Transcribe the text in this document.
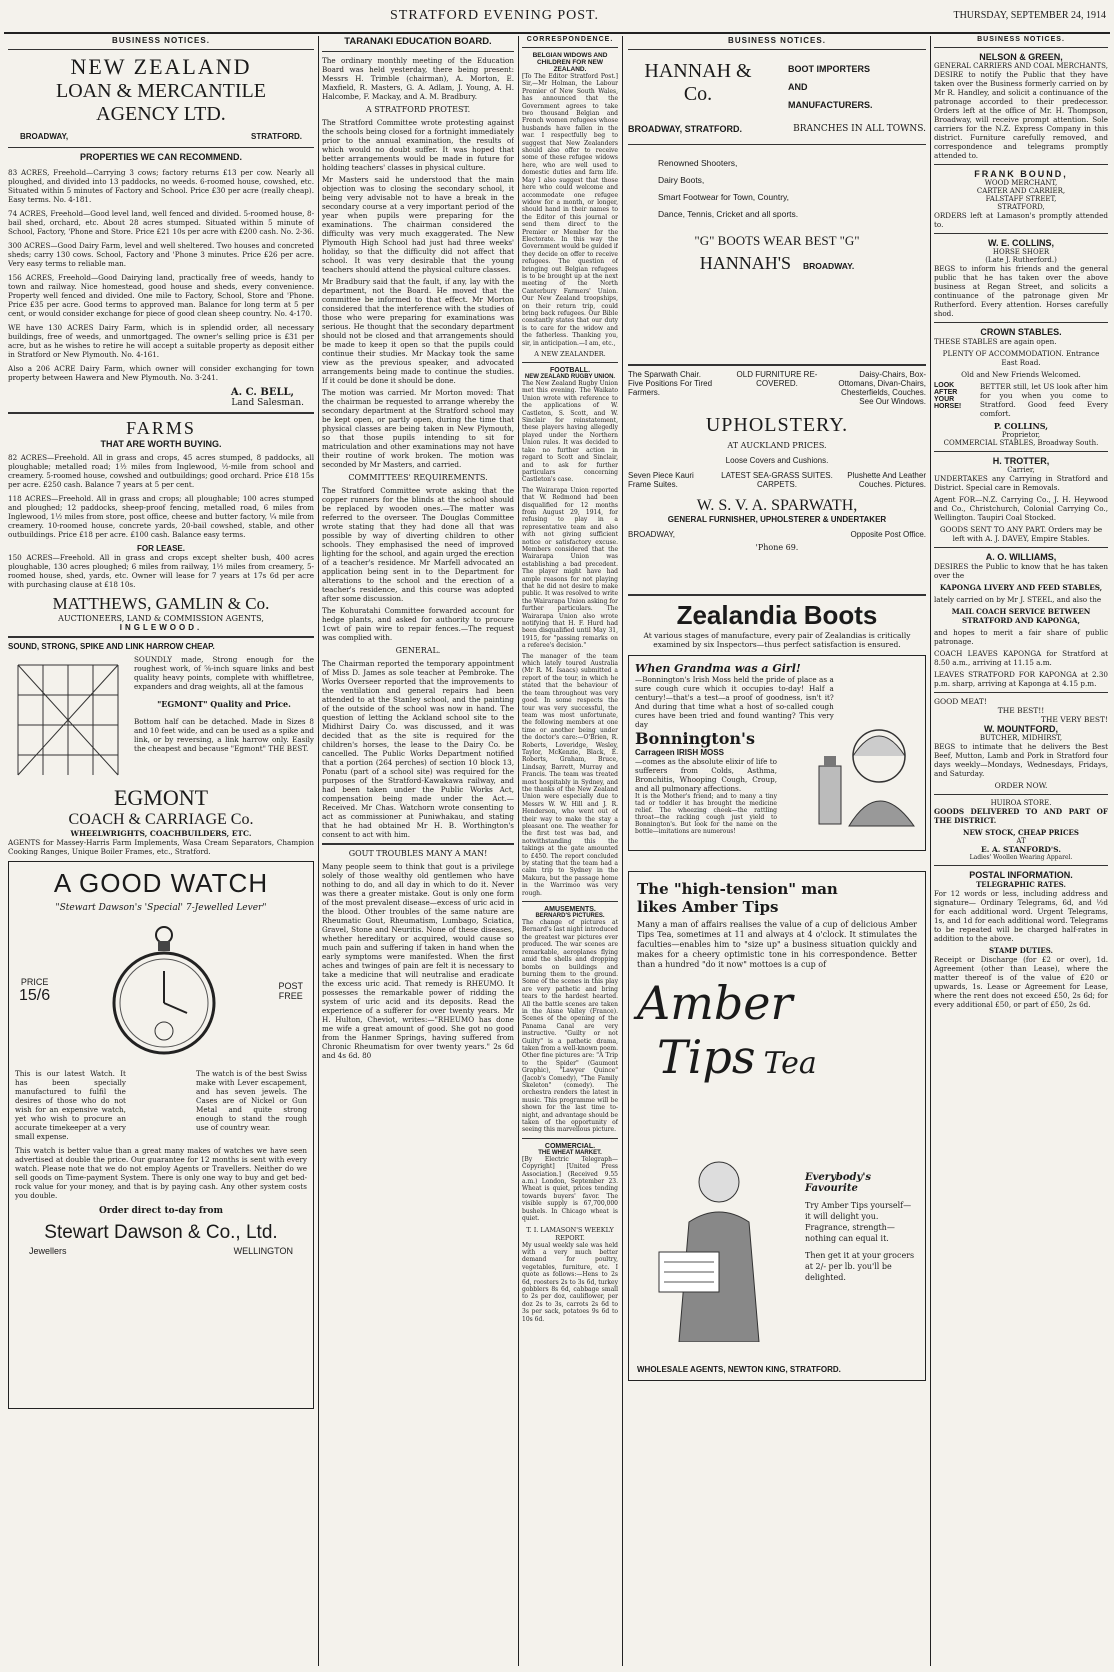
STRATFORD EVENING POST.	THURSDAY, SEPTEMBER 24, 1914
BUSINESS NOTICES.
NEW ZEALAND
LOAN & MERCANTILE
AGENCY LTD.
BROADWAY,	STRATFORD.
PROPERTIES WE CAN RECOMMEND.
83 ACRES, Freehold—Carrying 3 cows; factory returns £13 per cow. Nearly all ploughed, and divided into 13 paddocks, no weeds. 6-roomed house, cowshed, etc. Situated within 5 minutes of Factory and School. Price £30 per acre (really cheap). Easy terms. No. 4-181.
74 ACRES, Freehold—Good level land, well fenced and divided. 5-roomed house, 8-bail shed, orchard, etc. About 28 acres stumped. Situated within 5 minute of School, Factory, 'Phone and Store. Price £21 10s per acre with £200 cash. No. 2-36.
300 ACRES—Good Dairy Farm, level and well sheltered. Two houses and concreted sheds; carry 130 cows. School, Factory and 'Phone 3 minutes. Price £26 per acre. Very easy terms to reliable man.
156 ACRES, Freehold—Good Dairying land, practically free of weeds, handy to town and railway. Nice homestead, good house and sheds, every convenience. Property well fenced and divided. One mile to Factory, School, Store and 'Phone. Price £35 per acre. Good terms to approved man. Balance for long term at 5 per cent, or would consider exchange for piece of good clean sheep country. No. 4-170.
WE have 130 ACRES Dairy Farm, which is in splendid order, all necessary buildings, free of weeds, and unmortgaged. The owner's selling price is £31 per acre, but as he wishes to retire he will accept a suitable property as deposit either in Stratford or New Plymouth. No. 4-161.
Also a 206 ACRE Dairy Farm, which owner will consider exchanging for town property between Hawera and New Plymouth. No. 3-241.
A. C. BELL,
Land Salesman.
FARMS
THAT ARE WORTH BUYING.
82 ACRES—Freehold. All in grass and crops, 45 acres stumped, 8 paddocks, all ploughable; metalled road; 1½ miles from Inglewood, ½-mile from school and creamery. 5-roomed house, cowshed and outbuildings; good orchard. Price £18 15s per acre. £250 cash. Balance 7 years at 5 per cent.
118 ACRES—Freehold. All in grass and crops; all ploughable; 100 acres stumped and ploughed; 12 paddocks, sheep-proof fencing, metalled road, 6 miles from Inglewood, 1½ miles from store, post office, cheese and butter factory, ¼ mile from creamery. 10-roomed house, concrete yards, 20-bail cowshed, stable, and other outbuildings. Price £18 per acre. £100 cash. Balance easy terms.
FOR LEASE.
150 ACRES—Freehold. All in grass and crops except shelter bush, 400 acres ploughable, 130 acres ploughed; 6 miles from railway, 1½ miles from creamery, 5-roomed house, shed, yards, etc. Owner will lease for 7 years at 17s 6d per acre with purchasing clause at £18 10s.
MATTHEWS, GAMLIN & Co.
AUCTIONEERS, LAND & COMMISSION AGENTS,
INGLEWOOD.
SOUND, STRONG, SPIKE AND LINK HARROW CHEAP.
SOUNDLY made, Strong enough for the roughest work, of ⅝-inch square links and best quality heavy points, complete with whiffletree, expanders and drag weights, all at the famous
"EGMONT" Quality and Price.
Bottom half can be detached. Made in Sizes 8 and 10 feet wide, and can be used as a spike and link, or by reversing, a link harrow only. Easily the cheapest and because "Egmont" THE BEST.
EGMONT
COACH & CARRIAGE Co.
WHEELWRIGHTS, COACHBUILDERS, ETC.
AGENTS for Massey-Harris Farm Implements, Wasa Cream Separators, Champion Cooking Ranges, Unique Boiler Frames, etc., Stratford.
A GOOD WATCH
"Stewart Dawson's 'Special' 7-Jewelled Lever"
PRICE
15/6
POST
FREE
This is our latest Watch. It has been specially manufactured to fulfil the desires of those who do not wish for an expensive watch, yet who wish to procure an accurate timekeeper at a very small expense.
The watch is of the best Swiss make with Lever escapement, and has seven jewels. The Cases are of Nickel or Gun Metal and quite strong enough to stand the rough use of country wear.
This watch is better value than a great many makes of watches we have seen advertised at double the price. Our guarantee for 12 months is sent with every watch. Please note that we do not employ Agents or Travellers. Neither do we sell goods on Time-payment System. There is only one way to buy and get bed-rock value for your money, and that is by paying cash. Any other system costs you double.
Order direct to-day from
Stewart Dawson & Co., Ltd.
Jewellers	WELLINGTON
TARANAKI EDUCATION BOARD.

The ordinary monthly meeting of the Education Board was held yesterday, there being present: Messrs H. Trimble (chairman), A. Morton, E. Maxfield, R. Masters, G. A. Adlam, J. Young, A. H. Halcombe, F. Mackay, and A. M. Bradbury.

A STRATFORD PROTEST.

The Stratford Committee wrote protesting against the schools being closed for a fortnight immediately prior to the annual examination, the results of which would no doubt suffer. It was hoped that better arrangements would be made in future for holding teachers' classes in physical culture.

Mr Masters said he understood that the main objection was to closing the secondary school, it being very advisable not to have a break in the secondary course at a very important period of the year when pupils were preparing for the examinations. The chairman considered the difficulty was very much exaggerated. The New Plymouth High School had just had three weeks' holiday, so that the difficulty did not affect that school. It was very desirable that the young teachers should attend the physical culture classes.

Mr Bradbury said that the fault, if any, lay with the department, not the Board. He moved that the committee be informed to that effect. Mr Morton considered that the interference with the studies of those who were preparing for examinations was serious. He thought that the secondary department should not be closed and that arrangements should be made to keep it open so that the pupils could continue their studies. Mr Mackay took the same view as the previous speaker, and advocated arrangements being made to continue the studies. If it could be done it should be done.

The motion was carried. Mr Morton moved: That the chairman be requested to arrange whereby the secondary department at the Stratford school may be kept open, or partly open, during the time that physical classes are being taken in New Plymouth, so that those pupils intending to sit for matriculation and other examinations may not have their routine of work broken. The motion was seconded by Mr Masters, and carried.

COMMITTEES' REQUIREMENTS.

The Stratford Committee wrote asking that the copper runners for the blinds at the school should be replaced by wooden ones.—The matter was referred to the overseer. The Douglas Committee wrote stating that they had done all that was possible by way of diverting children to other schools. They emphasised the need of improved lighting for the school, and again urged the erection of a teacher's residence. Mr Marfell advocated an application being sent in to the Department for alterations to the school and the erection of a teacher's residence, and this course was adopted after some discussion.

The Kohuratahi Committee forwarded account for hedge plants, and asked for authority to procure 1cwt of pain wire to repair fences.—The request was complied with.

GENERAL.

The Chairman reported the temporary appointment of Miss D. James as sole teacher at Pembroke. The Works Overseer reported that the improvements to the ventilation and general repairs had been attended to at the Stanley school, and the painting of the outside of the school was now in hand. The question of letting the Ackland school site to the Midhirst Dairy Co. was discussed, and it was decided that as the site is required for the children's horses, the lease to the Dairy Co. be cancelled. The Public Works Department notified that a portion (264 perches) of section 10 block 13, Ponatu (part of a school site) was required for the purposes of the Stratford-Kawakawa railway, and had been taken under the Public Works Act, compensation being made under the Act.—Received. Mr Chas. Watchorn wrote consenting to act as commissioner at Puniwhakau, and stating that he had obtained Mr H. B. Worthington's consent to act with him.

GOUT TROUBLES MANY A MAN!

Many people seem to think that gout is a privilege solely of those wealthy old gentlemen who have nothing to do, and all day in which to do it. Never was there a greater mistake. Gout is only one form of the most prevalent disease—excess of uric acid in the blood. Other troubles of the same nature are Rheumatic Gout, Rheumatism, Lumbago, Sciatica, Gravel, Stone and Neuritis. None of these diseases, whether hereditary or acquired, would cause so much pain and suffering if taken in hand when the early symptoms were manifested. When the first aches and twinges of pain are felt it is necessary to take a medicine that will neutralise and eradicate the excess uric acid. That remedy is RHEUMO. It possesses the remarkable power of ridding the system of uric acid and its deposits. Read the experience of a sufferer for over twenty years. Mr H. Hulton, Cheviot, writes:—"RHEUMO has done me wife a great amount of good. She got no good from the Hanmer Springs, having suffered from Chronic Rheumatism for over twenty years." 2s 6d and 4s 6d. 80

CORRESPONDENCE.
BELGIAN WIDOWS AND CHILDREN FOR NEW ZEALAND.

[To The Editor Stratford Post.] Sir,—Mr Holman, the Labour Premier of New South Wales, has announced that the Government agrees to take two thousand Belgian and French women refugees whose husbands have fallen in the war. I respectfully beg to suggest that New Zealanders should also offer to receive some of these refugee widows here, who are well used to domestic duties and farm life. May I also suggest that those here who could welcome and accommodate one refugee widow for a month, or longer, should hand in their names to the Editor of this journal or send them direct to the Premier or Member for the Electorate. In this way the Government would be guided if they decide on offer to receive refugees. The question of bringing out Belgian refugees is to be brought up at the next meeting of the North Canterbury Farmers' Union. Our New Zealand troopships, on their return trip, could bring back refugees. Our Bible constantly states that our duty is to care for the widow and the fatherless. Thanking you, sir, in anticipation.—I am, etc.,

A NEW ZEALANDER.
FOOTBALL.
NEW ZEALAND RUGBY UNION.

The New Zealand Rugby Union met this evening. The Waikato Union wrote with reference to the applications of W. Castleton, S. Scott, and W. Sinclair for reinstatement, these players having allegedly played under the Northern Union rules. It was decided to take no further action in regard to Scott and Sinclair, and to ask for further particulars concerning Castleton's case.

The Wairarapa Union reported that W. Redmond had been disqualified for 12 months from August 29, 1914, for refusing to play in a representative team and also with not giving sufficient notice or satisfactory excuse. Members considered that the Wairarapa Union was establishing a bad precedent. The player might have had ample reasons for not playing that he did not desire to make public. It was resolved to write the Wairarapa Union asking for further particulars. The Wairarapa Union also wrote notifying that H. F. Hurd had been disqualified until May 31, 1915, for "passing remarks on a referee's decision."

The manager of the team which lately toured Australia (Mr R. M. Isaacs) submitted a report of the tour, in which he stated that the behaviour of the team throughout was very good. In some respects the tour was very successful, the team was most unfortunate, the following members at one time or another being under the doctor's care:—O'Brien, R. Roberts, Loveridge, Wesley, Taylor, McKenzie, Black, E. Roberts, Graham, Bruce, Lindsay, Barrett, Murray and Francis. The team was treated most hospitably in Sydney, and the thanks of the New Zealand Union were especially due to Messrs W. W. Hill and J. R. Henderson, who went out of their way to make the stay a pleasant one. The weather for the first test was bad, and notwithstanding this the takings at the gate amounted to £450. The report concluded by stating that the team had a calm trip to Sydney in the Makura, but the passage home in the Warrimoo was very rough.

AMUSEMENTS.
BERNARD'S PICTURES.

The change of pictures at Bernard's last night introduced the greatest war pictures ever produced. The war scenes are remarkable, aeroplanes flying amid the shells and dropping bombs on buildings and burning them to the ground. Some of the scenes in this play are very pathetic and bring tears to the hardest hearted. All the battle scenes are taken in the Aisne Valley (France). Scenes of the opening of the Panama Canal are very instructive. "Guilty or not Guilty" is a pathetic drama, taken from a well-known poem. Other fine pictures are: "A Trip to the Spider" (Gaumont Graphic), "Lawyer Quince" (Jacob's Comedy), "The Family Skeleton" (comedy). The orchestra renders the latest in music. This programme will be shown for the last time to-night, and advantage should be taken of the opportunity of seeing this marvellous picture.

COMMERCIAL.
THE WHEAT MARKET.

[By Electric Telegraph—Copyright] [United Press Association.] (Received 9.55 a.m.) London, September 23. Wheat is quiet, prices tending towards buyers' favor. The visible supply is 67,700,000 bushels. In Chicago wheat is quiet.

T. I. LAMASON'S WEEKLY REPORT.

My usual weekly sale was held with a very much better demand for poultry, vegetables, furniture, etc. I quote as follows:—Hens to 2s 6d, roosters 2s to 3s 6d, turkey gobblers 8s 6d, cabbage small to 2s per doz, cauliflower, per doz 2s to 3s, carrots 2s 6d to 3s per sack, potatoes 9s 6d to 10s 6d.

BUSINESS NOTICES.
HANNAH & Co.
BOOT IMPORTERS
AND
MANUFACTURERS.
BROADWAY, STRATFORD.	BRANCHES IN ALL TOWNS.
Renowned Shooters,
Dairy Boots,
Smart Footwear for Town, Country,
Dance, Tennis, Cricket and all sports.
"G" BOOTS WEAR BEST "G"
HANNAH'S BROADWAY.
The Sparwath Chair. Five Positions For Tired Farmers.
OLD FURNITURE RE-COVERED.
Daisy-Chairs, Box-Ottomans, Divan-Chairs, Chesterfields, Couches. See Our Windows.
UPHOLSTERY.
AT AUCKLAND PRICES.
Loose Covers and Cushions.
Seven Piece Kauri Frame Suites.
LATEST SEA-GRASS SUITES. CARPETS.
Plushette And Leather Couches. Pictures.
W. S. V. A. SPARWATH,
GENERAL FURNISHER, UPHOLSTERER & UNDERTAKER
BROADWAY,	Opposite Post Office.
'Phone 69.
Zealandia Boots
At various stages of manufacture, every pair of Zealandias is critically examined by six Inspectors—thus perfect satisfaction is ensured.
When Grandma was a Girl!
—Bonnington's Irish Moss held the pride of place as a sure cough cure which it occupies to-day! Half a century!—that's a test—a proof of goodness, isn't it? And during that time what a host of so-called cough cures have been tried and found wanting? This very day
Bonnington's
Carrageen IRISH MOSS
—comes as the absolute elixir of life to sufferers from Colds, Asthma, Bronchitis, Whooping Cough, Croup, and all pulmonary affections.
It is the Mother's friend; and to many a tiny tad or toddler it has brought the medicine relief. The wheezing cheek—the rattling throat—the racking cough just yield to Bonnington's. But look for the name on the bottle—imitations are numerous!
The "high-tension" man
likes Amber Tips
Many a man of affairs realises the value of a cup of delicious Amber Tips Tea, sometimes at 11 and always at 4 o'clock. It stimulates the faculties—enables him to "size up" a business situation quickly and makes for a cheery optimistic tone in his correspondence. Better than a hundred "do it now" mottoes is a cup of
Amber
Tips Tea
Everybody's
Favourite
Try Amber Tips yourself—it will delight you. Fragrance, strength—nothing can equal it.
Then get it at your grocers at 2/- per lb. you'll be delighted.
WHOLESALE AGENTS, NEWTON KING, STRATFORD.
BUSINESS NOTICES.
NELSON & GREEN,
GENERAL CARRIERS AND COAL MERCHANTS,

DESIRE to notify the Public that they have taken over the Business formerly carried on by Mr R. Handley, and solicit a continuance of the patronage accorded to their predecessor. Orders left at the office of Mr. H. Thompson, Broadway, will receive prompt attention. Sole carriers for the N.Z. Express Company in this district. Furniture carefully removed, and correspondence and telegrams promptly attended to.

FRANK BOUND,
WOOD MERCHANT,
CARTER AND CARRIER,
FALSTAFF STREET,
STRATFORD,

ORDERS left at Lamason's promptly attended to.

W. E. COLLINS,
HORSE SHOER
(Late J. Rutherford.)

BEGS to inform his friends and the general public that he has taken over the above business at Regan Street, and solicits a continuance of the patronage given Mr Rutherford. Every attention. Horses carefully shod.

CROWN STABLES.

THESE STABLES are again open.

PLENTY OF ACCOMMODATION. Entrance East Road.

Old and New Friends Welcomed.

LOOK AFTER YOUR HORSE!

BETTER still, let US look after him for you when you come to Stratford. Good feed Every comfort.

P. COLLINS,
Proprietor,
COMMERCIAL STABLES, Broadway South.
H. TROTTER,
Carrier,

UNDERTAKES any Carrying in Stratford and District. Special care in Removals.

Agent FOR—N.Z. Carrying Co., J. H. Heywood and Co., Christchurch, Colonial Carrying Co., Wellington. Taupiri Coal Stocked.

GOODS SENT TO ANY PART. Orders may be left with A. J. DAVEY, Empire Stables.

A. O. WILLIAMS,

DESIRES the Public to know that he has taken over the

KAPONGA LIVERY AND FEED STABLES,

lately carried on by Mr J. STEEL, and also the

MAIL COACH SERVICE BETWEEN STRATFORD AND KAPONGA,

and hopes to merit a fair share of public patronage.

COACH LEAVES KAPONGA for Stratford at 8.50 a.m., arriving at 11.15 a.m.

LEAVES STRATFORD FOR KAPONGA at 2.30 p.m. sharp, arriving at Kaponga at 4.15 p.m.

GOOD MEAT!
THE BEST!!
THE VERY BEST!
W. MOUNTFORD,
BUTCHER, MIDHIRST,

BEGS to intimate that he delivers the Best Beef, Mutton, Lamb and Pork in Stratford four days weekly—Mondays, Wednesdays, Fridays, and Saturday.

ORDER NOW.
HUIROA STORE.

GOODS DELIVERED TO AND PART OF THE DISTRICT.

NEW STOCK, CHEAP PRICES
AT
E. A. STANFORD'S.
Ladies' Woollen Wearing Apparel.
POSTAL INFORMATION.
TELEGRAPHIC RATES.

For 12 words or less, including address and signature— Ordinary Telegrams, 6d, and ½d for each additional word. Urgent Telegrams, 1s, and 1d for each additional word. Telegrams to be repeated will be charged half-rates in addition to the above.

STAMP DUTIES.

Receipt or Discharge (for £2 or over), 1d. Agreement (other than Lease), where the matter thereof is of the value of £20 or upwards, 1s. Lease or Agreement for Lease, where the rent does not exceed £50, 2s 6d; for every additional £50, or part of £50, 2s 6d.
